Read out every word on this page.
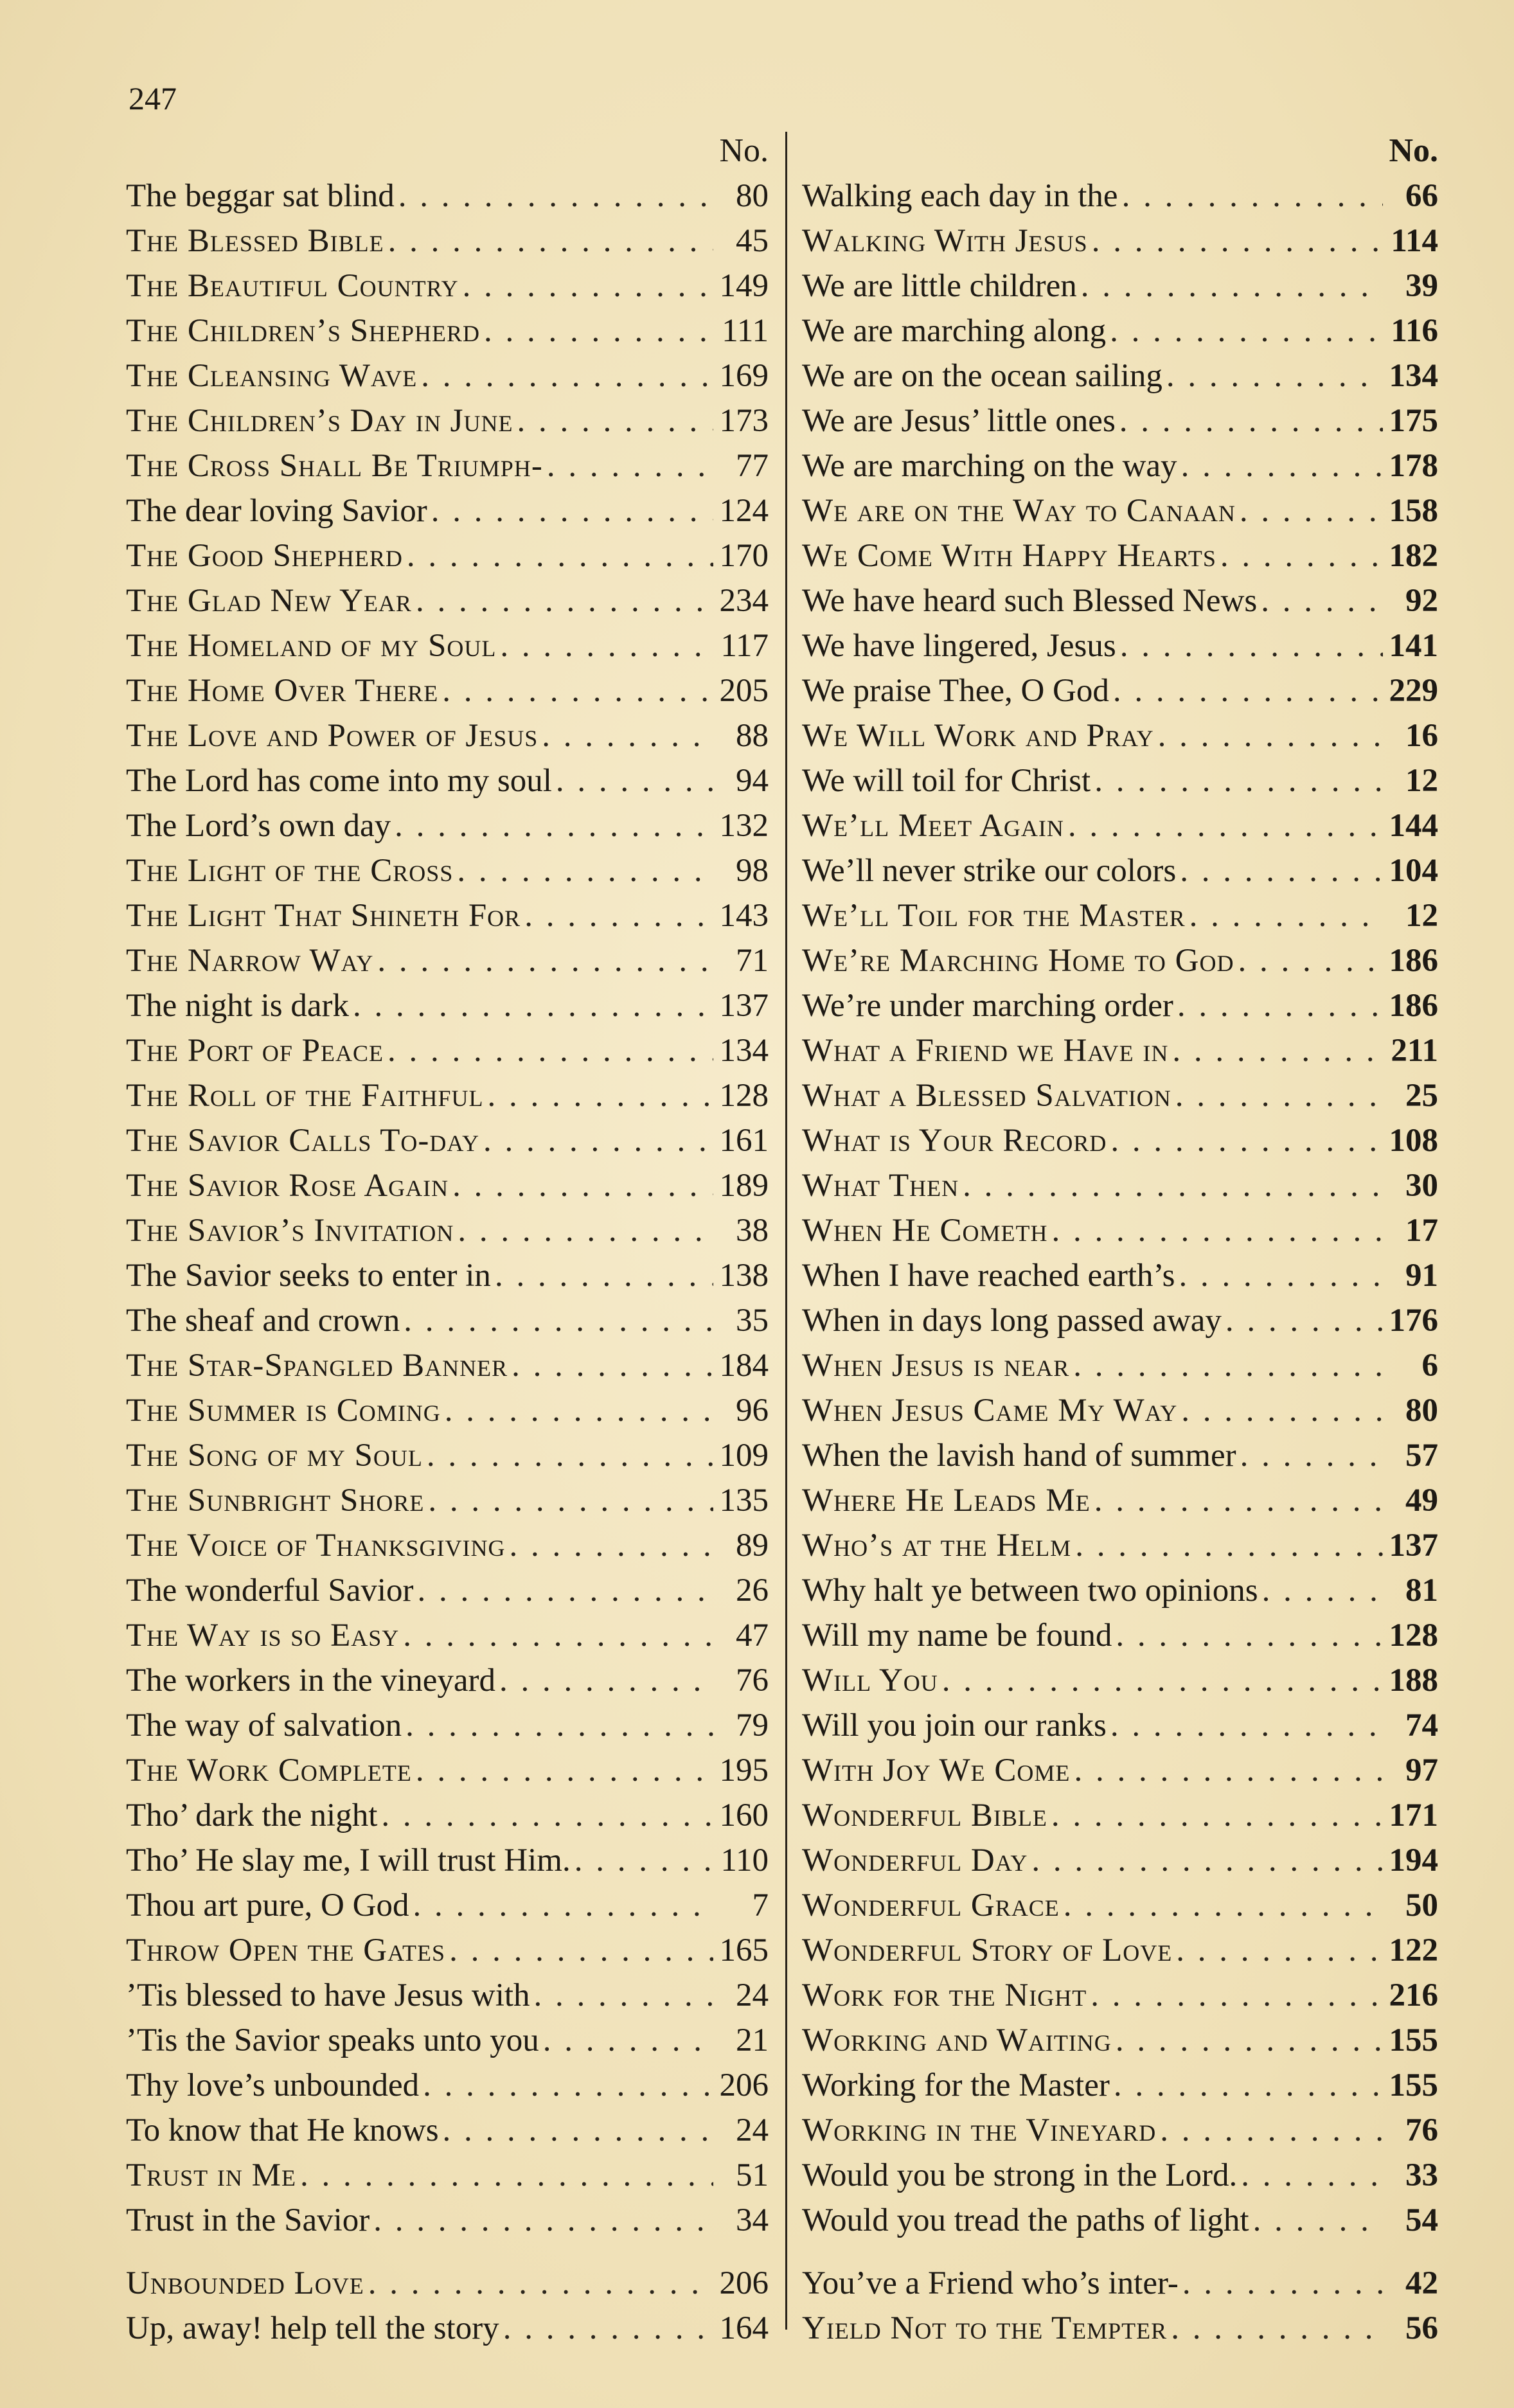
247
No.
The beggar sat blind . . .	80
The Blessed Bible . . .	45
The Beautiful Country . . .	149
The Children’s Shepherd . . .	111
The Cleansing Wave . . .	169
The Children’s Day in June . . .	173
The Cross Shall Be Triumph- . . .	77
The dear loving Savior . . .	124
The Good Shepherd . . .	170
The Glad New Year . . .	234
The Homeland of my Soul . . .	117
The Home Over There . . .	205
The Love and Power of Jesus . . .	88
The Lord has come into my soul . . .	94
The Lord’s own day . . .	132
The Light of the Cross . . .	98
The Light That Shineth For . . .	143
The Narrow Way . . .	71
The night is dark . . .	137
The Port of Peace . . .	134
The Roll of the Faithful . . .	128
The Savior Calls To-day . . .	161
The Savior Rose Again . . .	189
The Savior’s Invitation . . .	38
The Savior seeks to enter in . . .	138
The sheaf and crown . . .	35
The Star-Spangled Banner . . .	184
The Summer is Coming . . .	96
The Song of my Soul . . .	109
The Sunbright Shore . . .	135
The Voice of Thanksgiving . . .	89
The wonderful Savior . . .	26
The Way is so Easy . . .	47
The workers in the vineyard . . .	76
The way of salvation . . .	79
The Work Complete . . .	195
Tho’ dark the night . . .	160
Tho’ He slay me, I will trust Him. . . .	110
Thou art pure, O God . . .	7
Throw Open the Gates . . .	165
’Tis blessed to have Jesus with . . .	24
’Tis the Savior speaks unto you . . .	21
Thy love’s unbounded . . .	206
To know that He knows . . .	24
Trust in Me . . .	51
Trust in the Savior . . .	34
Unbounded Love . . .	206
Up, away! help tell the story . . .	164
No.
Walking each day in the . . .	66
Walking With Jesus . . .	114
We are little children . . .	39
We are marching along . . .	116
We are on the ocean sailing . . .	134
We are Jesus’ little ones . . .	175
We are marching on the way . . .	178
We are on the Way to Canaan . . .	158
We Come With Happy Hearts . . .	182
We have heard such Blessed News . . .	92
We have lingered, Jesus . . .	141
We praise Thee, O God . . .	229
We Will Work and Pray . . .	16
We will toil for Christ . . .	12
We’ll Meet Again . . .	144
We’ll never strike our colors . . .	104
We’ll Toil for the Master . . .	12
We’re Marching Home to God . . .	186
We’re under marching order . . .	186
What a Friend we Have in . . .	211
What a Blessed Salvation . . .	25
What is Your Record . . .	108
What Then . . .	30
When He Cometh . . .	17
When I have reached earth’s . . .	91
When in days long passed away . . .	176
When Jesus is near . . .	6
When Jesus Came My Way . . .	80
When the lavish hand of summer . . .	57
Where He Leads Me . . .	49
Who’s at the Helm . . .	137
Why halt ye between two opinions . . .	81
Will my name be found . . .	128
Will You . . .	188
Will you join our ranks . . .	74
With Joy We Come . . .	97
Wonderful Bible . . .	171
Wonderful Day . . .	194
Wonderful Grace . . .	50
Wonderful Story of Love . . .	122
Work for the Night . . .	216
Working and Waiting . . .	155
Working for the Master . . .	155
Working in the Vineyard . . .	76
Would you be strong in the Lord. . . .	33
Would you tread the paths of light . . .	54
You’ve a Friend who’s inter- . . .	42
Yield Not to the Tempter . . .	56
